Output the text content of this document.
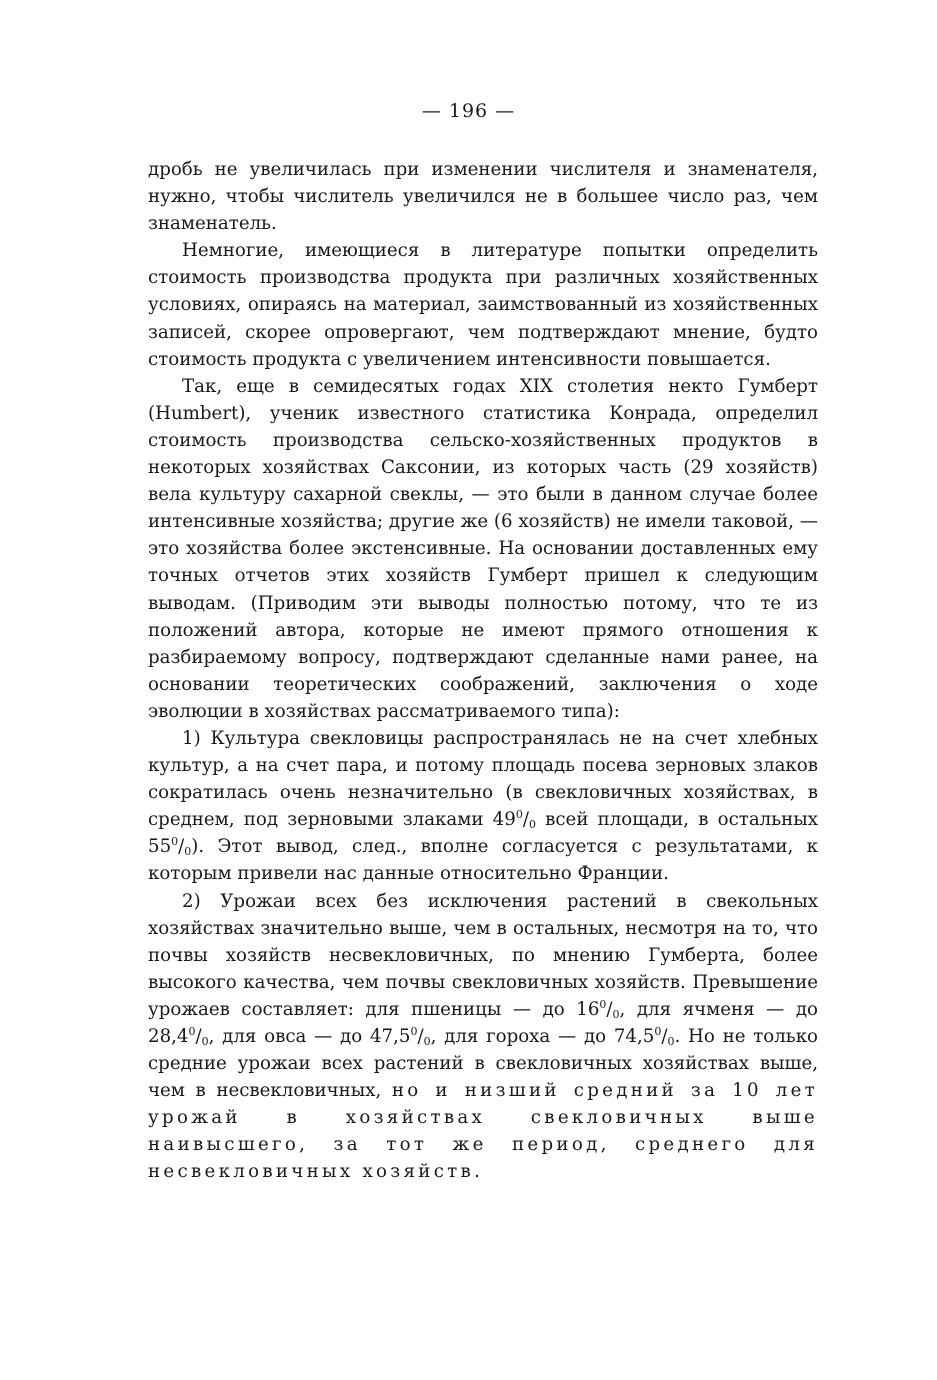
— 196 —

дробь не увеличилась при изменении числителя и знаменателя, нужно, чтобы числитель увеличился не в большее число раз, чем знаменатель.

Немногие, имеющиеся в литературе попытки определить стоимость производства продукта при различных хозяйственных условиях, опираясь на материал, заимствованный из хозяйственных записей, скорее опровергают, чем подтверждают мнение, будто стоимость продукта с увеличением интенсивности повышается.

Так, еще в семидесятых годах XIX столетия некто Гумберт (Humbert), ученик известного статистика Конрада, определил стоимость производства сельско-хозяйственных продуктов в некоторых хозяйствах Саксонии, из которых часть (29 хозяйств) вела культуру сахарной свеклы, — это были в данном случае более интенсивные хозяйства; другие же (6 хозяйств) не имели таковой, — это хозяйства более экстенсивные. На основании доставленных ему точных отчетов этих хозяйств Гумберт пришел к следующим выводам. (Приводим эти выводы полностью потому, что те из положений автора, которые не имеют прямого отношения к разбираемому вопросу, подтверждают сделанные нами ранее, на основании теоретических соображений, заключения о ходе эволюции в хозяйствах рассматриваемого типа):

1) Культура свекловицы распространялась не на счет хлебных культур, а на счет пара, и потому площадь посева зерновых злаков сократилась очень незначительно (в свекловичных хозяйствах, в среднем, под зерновыми злаками $49^0/_0$ всей площади, в остальных $55^0/_0$). Этот вывод, след., вполне согласуется с результатами, к которым привели нас данные относительно Франции.

2) Урожаи всех без исключения растений в свекольных хозяйствах значительно выше, чем в остальных, несмотря на то, что почвы хозяйств несвекловичных, по мнению Гумберта, более высокого качества, чем почвы свекловичных хозяйств. Превышение урожаев составляет: для пшеницы — до $16^0/_0$, для ячменя — до $28,4^0/_0$, для овса — до $47,5^0/_0$, для гороха — до $74,5^0/_0$. Но не только средние урожаи всех растений в свекловичных хозяйствах выше, чем в несвекловичных, но и низший средний за 10 лет урожай в хозяйствах свекловичных выше наивысшего, за тот же период, среднего для несвекловичных хозяйств.
